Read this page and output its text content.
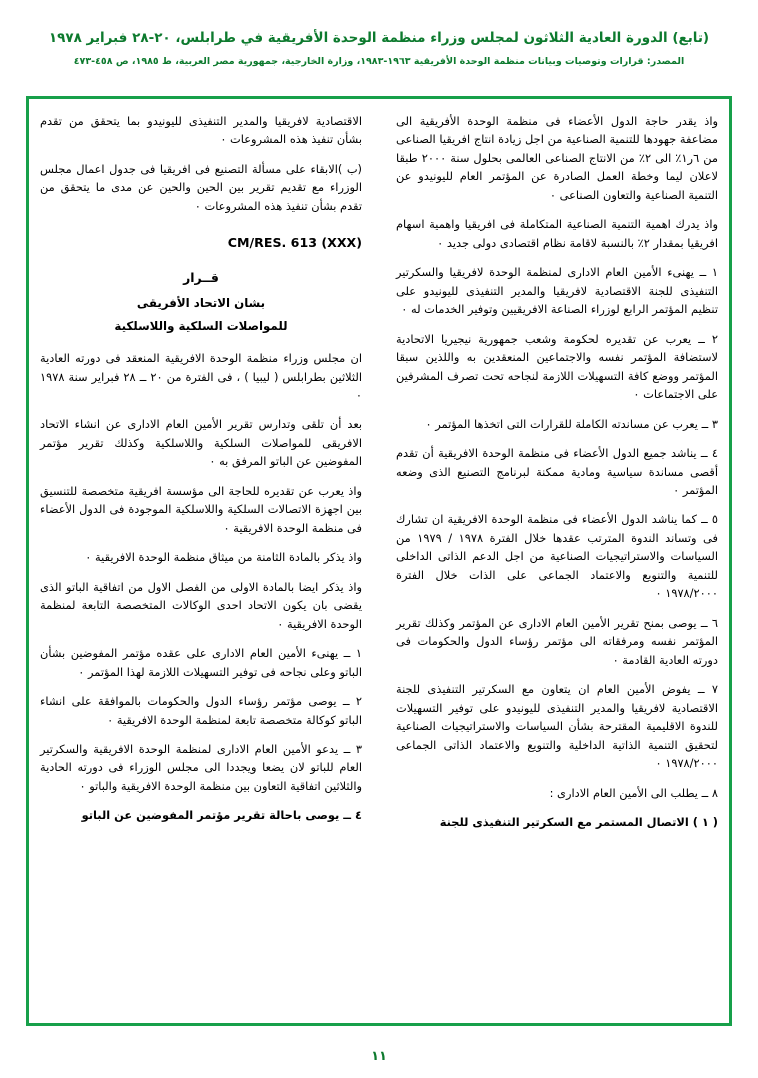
(تابع) الدورة العادية الثلاثون لمجلس وزراء منظمة الوحدة الأفريقية في طرابلس، ٢٠-٢٨ فبراير ١٩٧٨
المصدر: قرارات وتوصيات وبيانات منظمة الوحدة الأفريقية ١٩٦٣-١٩٨٣، وزارة الخارجية، جمهورية مصر العربية، ط ١٩٨٥، ص ٤٥٨-٤٧٣

واذ يقدر حاجة الدول الأعضاء فى منظمة الوحدة الأفريقية الى مضاعفة جهودها للتنمية الصناعية من اجل زيادة انتاج افريقيا الصناعى من ٦ر١٪ الى ٢٪ من الانتاج الصناعى العالمى بحلول سنة ٢٠٠٠ طبقا لاعلان ليما وخطة العمل الصادرة عن المؤتمر العام لليونيدو عن التنمية الصناعية والتعاون الصناعى ٠

واذ يدرك اهمية التنمية الصناعية المتكاملة فى افريقيا واهمية اسهام افريقيا بمقدار ٢٪ بالنسبة لاقامة نظام اقتصادى دولى جديد ٠

١ ــ يهنىء الأمين العام الادارى لمنظمة الوحدة لافريقيا والسكرتير التنفيذى للجنة الاقتصادية لافريقيا والمدير التنفيذى لليونيدو على تنظيم المؤتمر الرابع لوزراء الصناعة الافريقيين وتوفير الخدمات له ٠

٢ ــ يعرب عن تقديره لحكومة وشعب جمهورية نيجيريا الاتحادية لاستضافة المؤتمر نفسه والاجتماعين المنعقدين به واللذين سبقا المؤتمر ووضع كافة التسهيلات اللازمة لنجاحه تحت تصرف المشرفين على الاجتماعات ٠

٣ ــ يعرب عن مساندته الكاملة للقرارات التى اتخذها المؤتمر ٠

٤ ــ يناشد جميع الدول الأعضاء فى منظمة الوحدة الافريقية أن تقدم أقصى مساندة سياسية ومادية ممكنة لبرنامج التصنيع الذى وضعه المؤتمر ٠

٥ ــ كما يناشد الدول الأعضاء فى منظمة الوحدة الافريقية ان تشارك فى وتساند الندوة المترتب عقدها خلال الفترة ١٩٧٨ / ١٩٧٩ من السياسات والاستراتيجيات الصناعية من اجل الدعم الذاتى الداخلى للتنمية والتنويع والاعتماد الجماعى على الذات خلال الفترة ١٩٧٨/٢٠٠٠ ٠

٦ ــ يوصى بمنح تقرير الأمين العام الادارى عن المؤتمر وكذلك تقرير المؤتمر نفسه ومرفقاته الى مؤتمر رؤساء الدول والحكومات فى دورته العادية القادمة ٠

٧ ــ يفوض الأمين العام ان يتعاون مع السكرتير التنفيذى للجنة الاقتصادية لافريقيا والمدير التنفيذى لليونيدو على توفير التسهيلات للندوة الاقليمية المقترحة بشأن السياسات والاستراتيجيات الصناعية لتحقيق التنمية الذاتية الداخلية والتنويع والاعتماد الذاتى الجماعى ١٩٧٨/٢٠٠٠ ٠

٨ ــ يطلب الى الأمين العام الادارى :

( ١ ) الاتصال المستمر مع السكرتير التنفيذى للجنة

الاقتصادية لافريقيا والمدير التنفيذى لليونيدو بما يتحقق من تقدم بشأن تنفيذ هذه المشروعات ٠

(ب )الابقاء على مسألة التصنيع فى افريقيا فى جدول اعمال مجلس الوزراء مع تقديم تقرير بين الحين والحين عن مدى ما يتحقق من تقدم بشأن تنفيذ هذه المشروعات ٠

CM/RES. 613 (XXX)
قــرار
بشان الاتحاد الأفريقى
للمواصلات السلكية واللاسلكية

ان مجلس وزراء منظمة الوحدة الافريقية المنعقد فى دورته العادية الثلاثين بطرابلس ( ليبيا ) ، فى الفترة من ٢٠ ــ ٢٨ فبراير سنة ١٩٧٨ ٠

بعد أن تلقى وتدارس تقرير الأمين العام الادارى عن انشاء الاتحاد الافريقى للمواصلات السلكية واللاسلكية وكذلك تقرير مؤتمر المفوضين عن الباتو المرفق به ٠

واذ يعرب عن تقديره للحاجة الى مؤسسة افريقية متخصصة للتنسيق بين اجهزة الاتصالات السلكية واللاسلكية الموجودة فى الدول الأعضاء فى منظمة الوحدة الافريقية ٠

واذ يذكر بالمادة الثامنة من ميثاق منظمة الوحدة الافريقية ٠

واذ يذكر ايضا بالمادة الاولى من الفصل الاول من اتفاقية الباتو الذى يقضى بان يكون الاتحاد احدى الوكالات المتخصصة التابعة لمنظمة الوحدة الافريقية ٠

١ ــ يهنىء الأمين العام الادارى على عقده مؤتمر المفوضين بشأن الباتو وعلى نجاحه فى توفير التسهيلات اللازمة لهذا المؤتمر ٠

٢ ــ يوصى مؤتمر رؤساء الدول والحكومات بالموافقة على انشاء الباتو كوكالة متخصصة تابعة لمنظمة الوحدة الافريقية ٠

٣ ــ يدعو الأمين العام الادارى لمنظمة الوحدة الافريقية والسكرتير العام للباتو لان يضعا ويجددا الى مجلس الوزراء فى دورته الحادية والثلاثين اتفاقية التعاون بين منظمة الوحدة الافريقية والباتو ٠

٤ ــ يوصى باحالة تقرير مؤتمر المفوضين عن الباتو

١١
